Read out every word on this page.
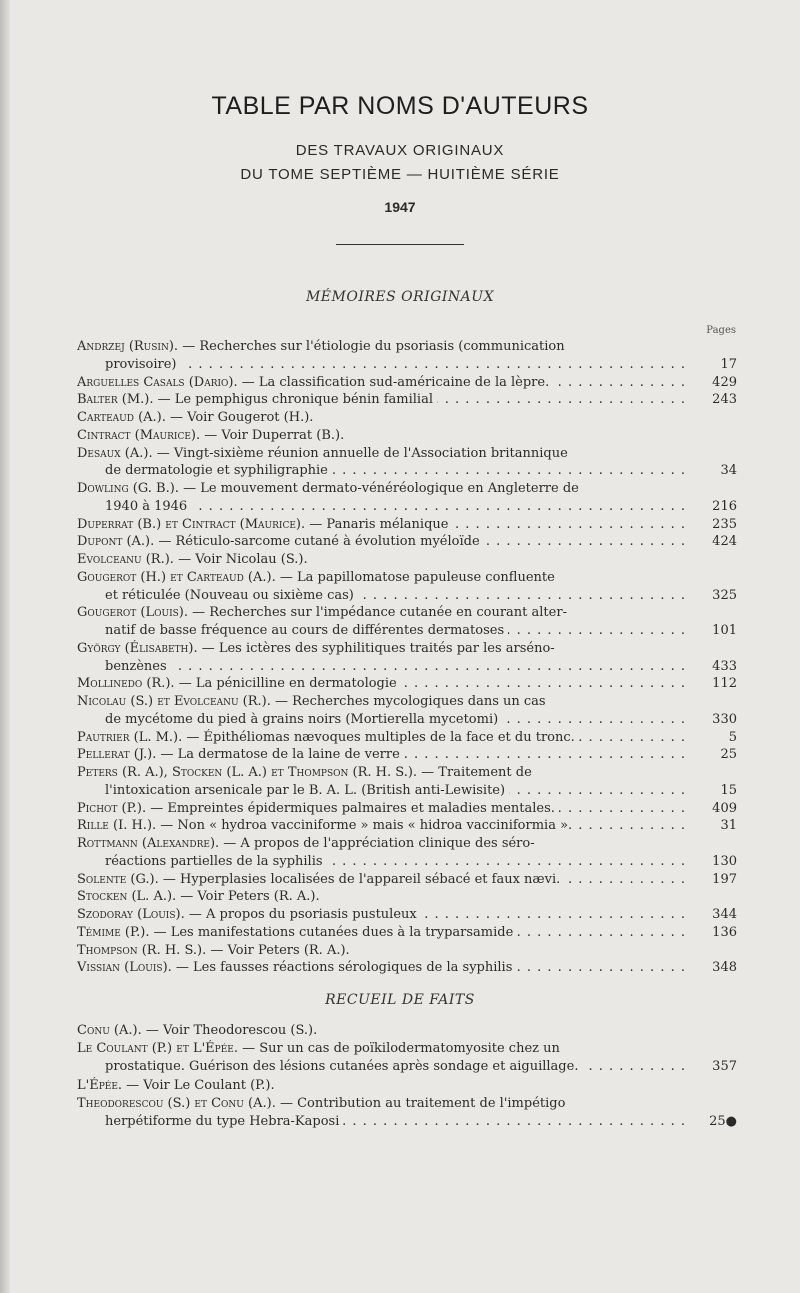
TABLE PAR NOMS D'AUTEURS
DES TRAVAUX ORIGINAUX
DU TOME SEPTIÈME — HUITIÈME SÉRIE
1947
MÉMOIRES ORIGINAUX
Pages
Andrzej (Rusin). — Recherches sur l'étiologie du psoriasis (communication
provisoire) . . .	17
Arguelles Casals (Dario). — La classification sud-américaine de la lèpre. . . .	429
Balter (M.). — Le pemphigus chronique bénin familial . . .	243
Carteaud (A.). — Voir Gougerot (H.).
Cintract (Maurice). — Voir Duperrat (B.).
Desaux (A.). — Vingt-sixième réunion annuelle de l'Association britannique
de dermatologie et syphiligraphie . . .	34
Dowling (G. B.). — Le mouvement dermato-vénéréologique en Angleterre de
1940 à 1946 . . .	216
Duperrat (B.) et Cintract (Maurice). — Panaris mélanique . . .	235
Dupont (A.). — Réticulo-sarcome cutané à évolution myéloïde . . .	424
Evolceanu (R.). — Voir Nicolau (S.).
Gougerot (H.) et Carteaud (A.). — La papillomatose papuleuse confluente
et réticulée (Nouveau ou sixième cas) . . .	325
Gougerot (Louis). — Recherches sur l'impédance cutanée en courant alter-
natif de basse fréquence au cours de différentes dermatoses . . .	101
György (Élisabeth). — Les ictères des syphilitiques traités par les arséno-
benzènes . . .	433
Mollinedo (R.). — La pénicilline en dermatologie . . .	112
Nicolau (S.) et Evolceanu (R.). — Recherches mycologiques dans un cas
de mycétome du pied à grains noirs (Mortierella mycetomi) . . .	330
Pautrier (L. M.). — Épithéliomas nævoques multiples de la face et du tronc. . . .	5
Pellerat (J.). — La dermatose de la laine de verre . . .	25
Peters (R. A.), Stocken (L. A.) et Thompson (R. H. S.). — Traitement de
l'intoxication arsenicale par le B. A. L. (British anti-Lewisite) . . .	15
Pichot (P.). — Empreintes épidermiques palmaires et maladies mentales. . . .	409
Rille (I. H.). — Non « hydroa vacciniforme » mais « hidroa vacciniformia ». . . .	31
Rottmann (Alexandre). — A propos de l'appréciation clinique des séro-
réactions partielles de la syphilis . . .	130
Solente (G.). — Hyperplasies localisées de l'appareil sébacé et faux nævi. . . .	197
Stocken (L. A.). — Voir Peters (R. A.).
Szodoray (Louis). — A propos du psoriasis pustuleux . . .	344
Témime (P.). — Les manifestations cutanées dues à la tryparsamide . . .	136
Thompson (R. H. S.). — Voir Peters (R. A.).
Vissian (Louis). — Les fausses réactions sérologiques de la syphilis . . .	348
RECUEIL DE FAITS
Conu (A.). — Voir Theodorescou (S.).
Le Coulant (P.) et L'Épée. — Sur un cas de poïkilodermatomyosite chez un
prostatique. Guérison des lésions cutanées après sondage et aiguillage. . . .	357
L'Épée. — Voir Le Coulant (P.).
Theodorescou (S.) et Conu (A.). — Contribution au traitement de l'impétigo
herpétiforme du type Hebra-Kaposi . . .	25●
